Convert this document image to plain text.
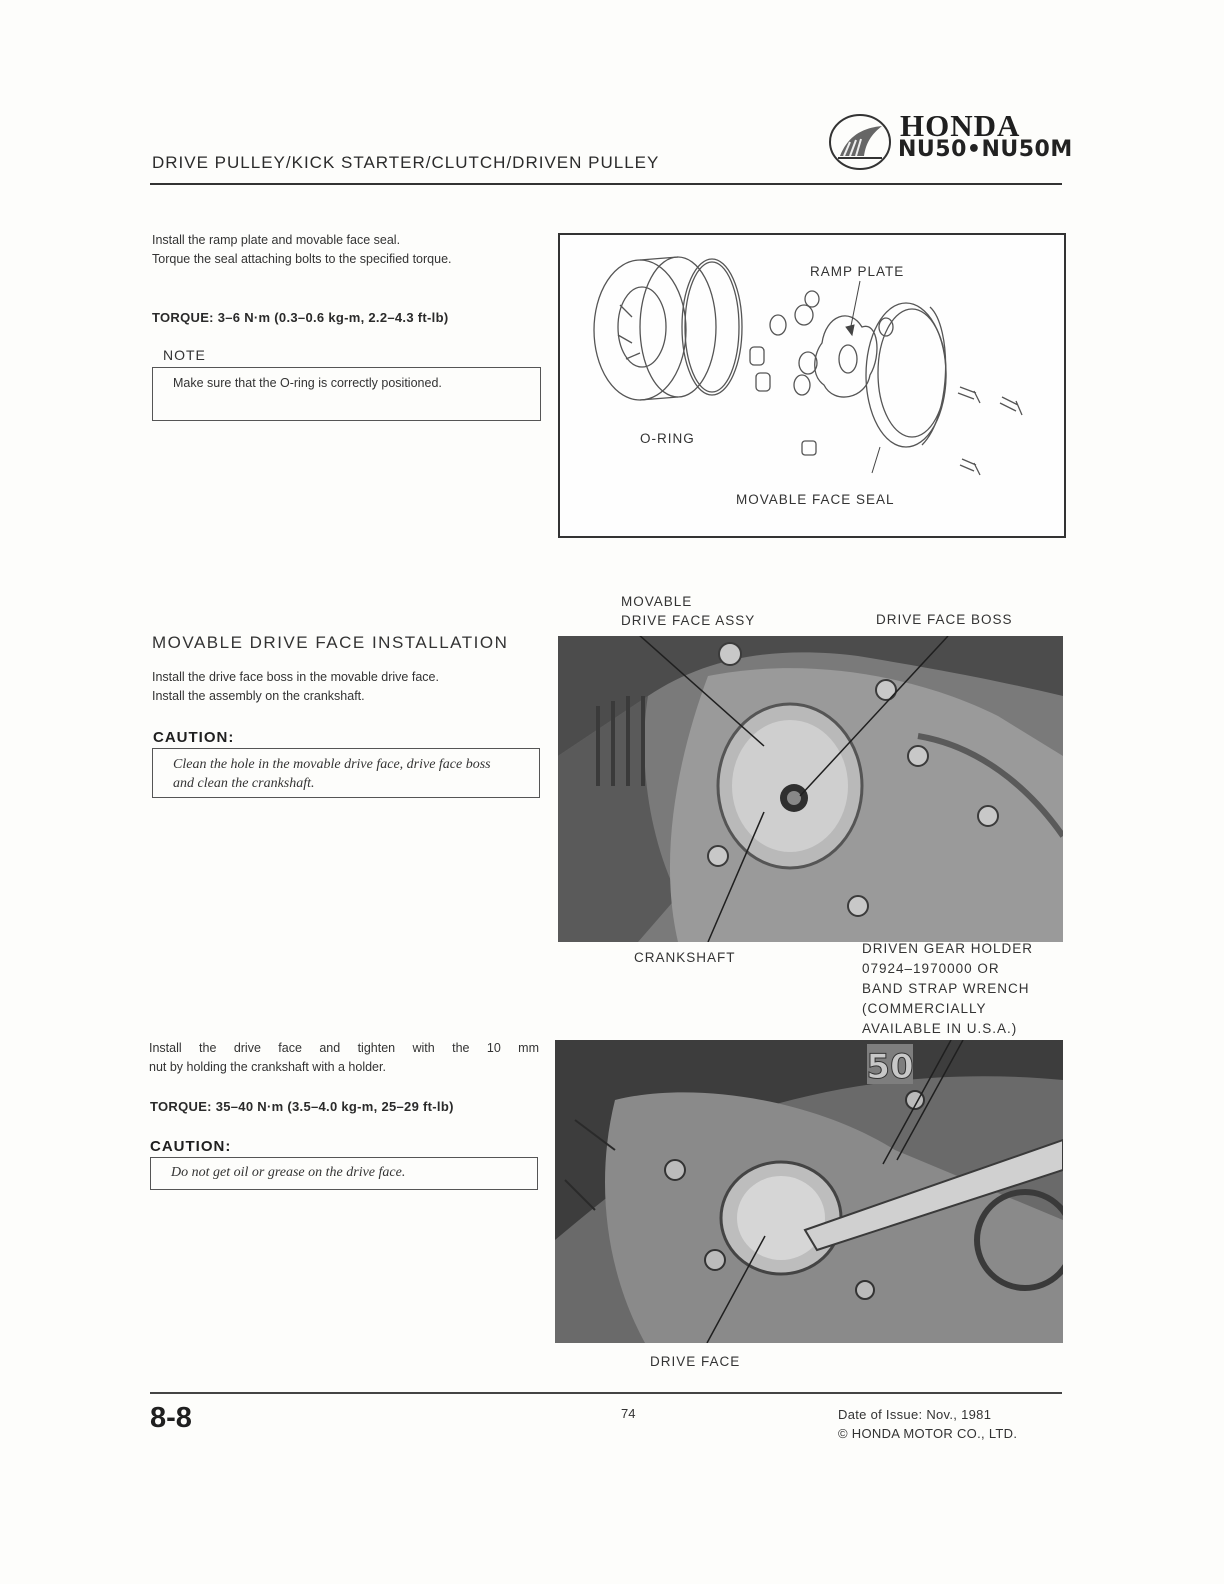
DRIVE PULLEY/KICK STARTER/CLUTCH/DRIVEN PULLEY
HONDA
NU50•NU50M
Install the ramp plate and movable face seal.
Torque the seal attaching bolts to the specified torque.
TORQUE: 3–6 N·m (0.3–0.6 kg-m, 2.2–4.3 ft-lb)
NOTE
Make sure that the O-ring is correctly positioned.
RAMP PLATE
O-RING
MOVABLE FACE SEAL
MOVABLE DRIVE FACE INSTALLATION
Install the drive face boss in the movable drive face.
Install the assembly on the crankshaft.
CAUTION:
Clean the hole in the movable drive face, drive face boss and clean the crankshaft.
MOVABLE
DRIVE FACE ASSY	DRIVE FACE BOSS
CRANKSHAFT
DRIVEN GEAR HOLDER
07924–1970000 OR
BAND STRAP WRENCH
(COMMERCIALLY
AVAILABLE IN U.S.A.)
Install the drive face and tighten with the 10 mm
nut by holding the crankshaft with a holder.
TORQUE: 35–40 N·m (3.5–4.0 kg-m, 25–29 ft-lb)
CAUTION:
Do not get oil or grease on the drive face.
50
DRIVE FACE
8-8	74	Date of Issue: Nov., 1981
© HONDA MOTOR CO., LTD.
